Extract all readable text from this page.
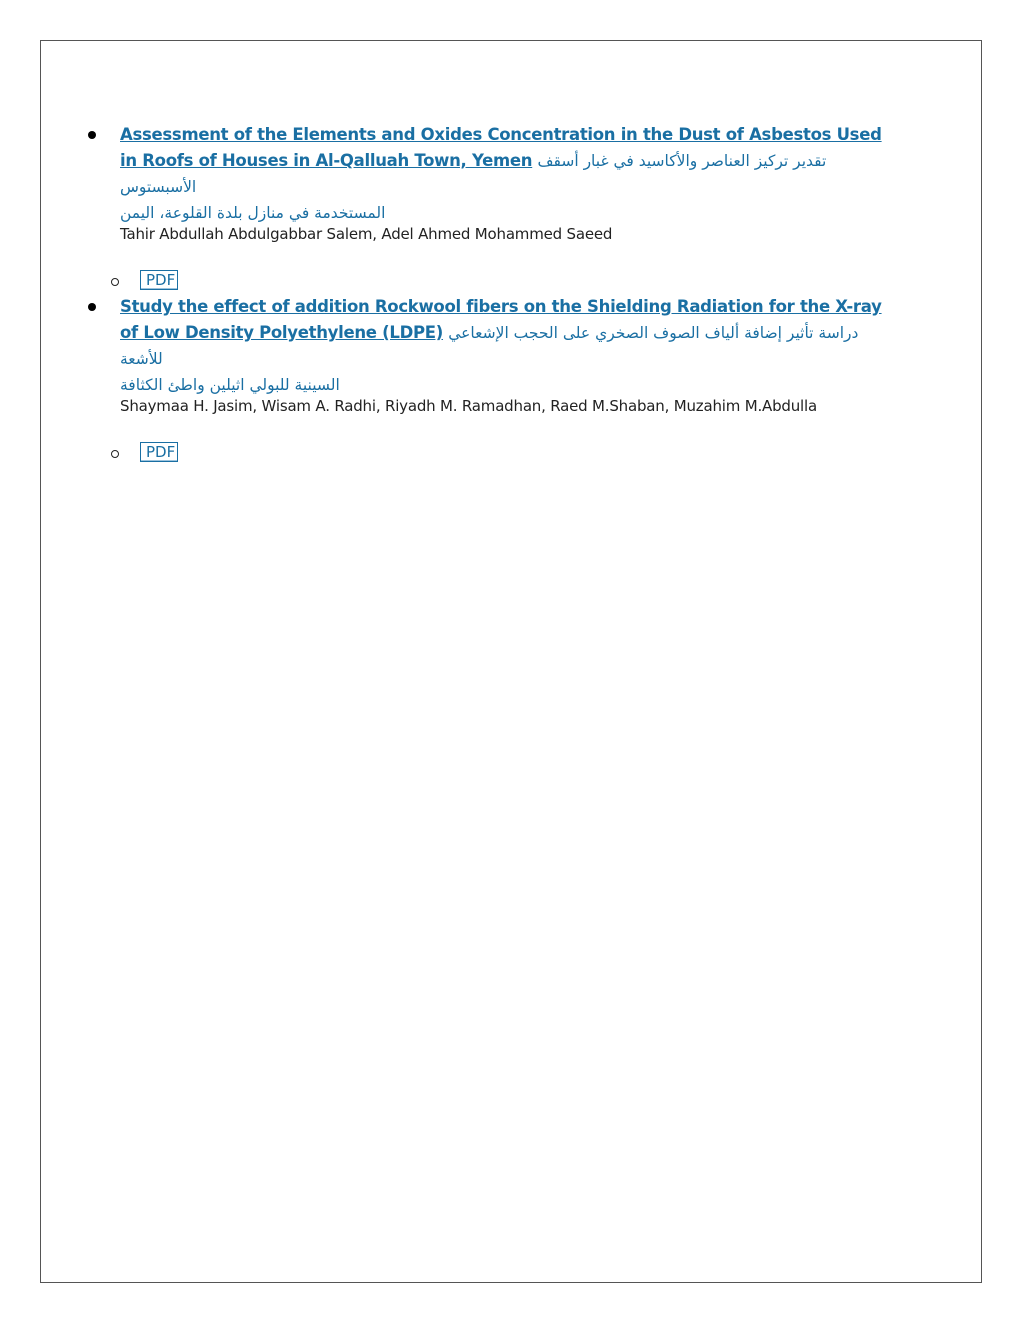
Assessment of the Elements and Oxides Concentration in the Dust of Asbestos Used in Roofs of Houses in Al-Qalluah Town, Yemen تقدير تركيز العناصر والأكاسيد في غبار أسقف الأسبستوس
المستخدمة في منازل بلدة القلوعة، اليمن
Tahir Abdullah Abdulgabbar Salem, Adel Ahmed Mohammed Saeed
PDF
Study the effect of addition Rockwool fibers on the Shielding Radiation for the X-ray of Low Density Polyethylene (LDPE) دراسة تأثير إضافة ألياف الصوف الصخري على الحجب الإشعاعي للأشعة
السينية للبولي اثيلين واطئ الكثافة
Shaymaa H. Jasim, Wisam A. Radhi, Riyadh M. Ramadhan, Raed M.Shaban, Muzahim M.Abdulla
PDF
